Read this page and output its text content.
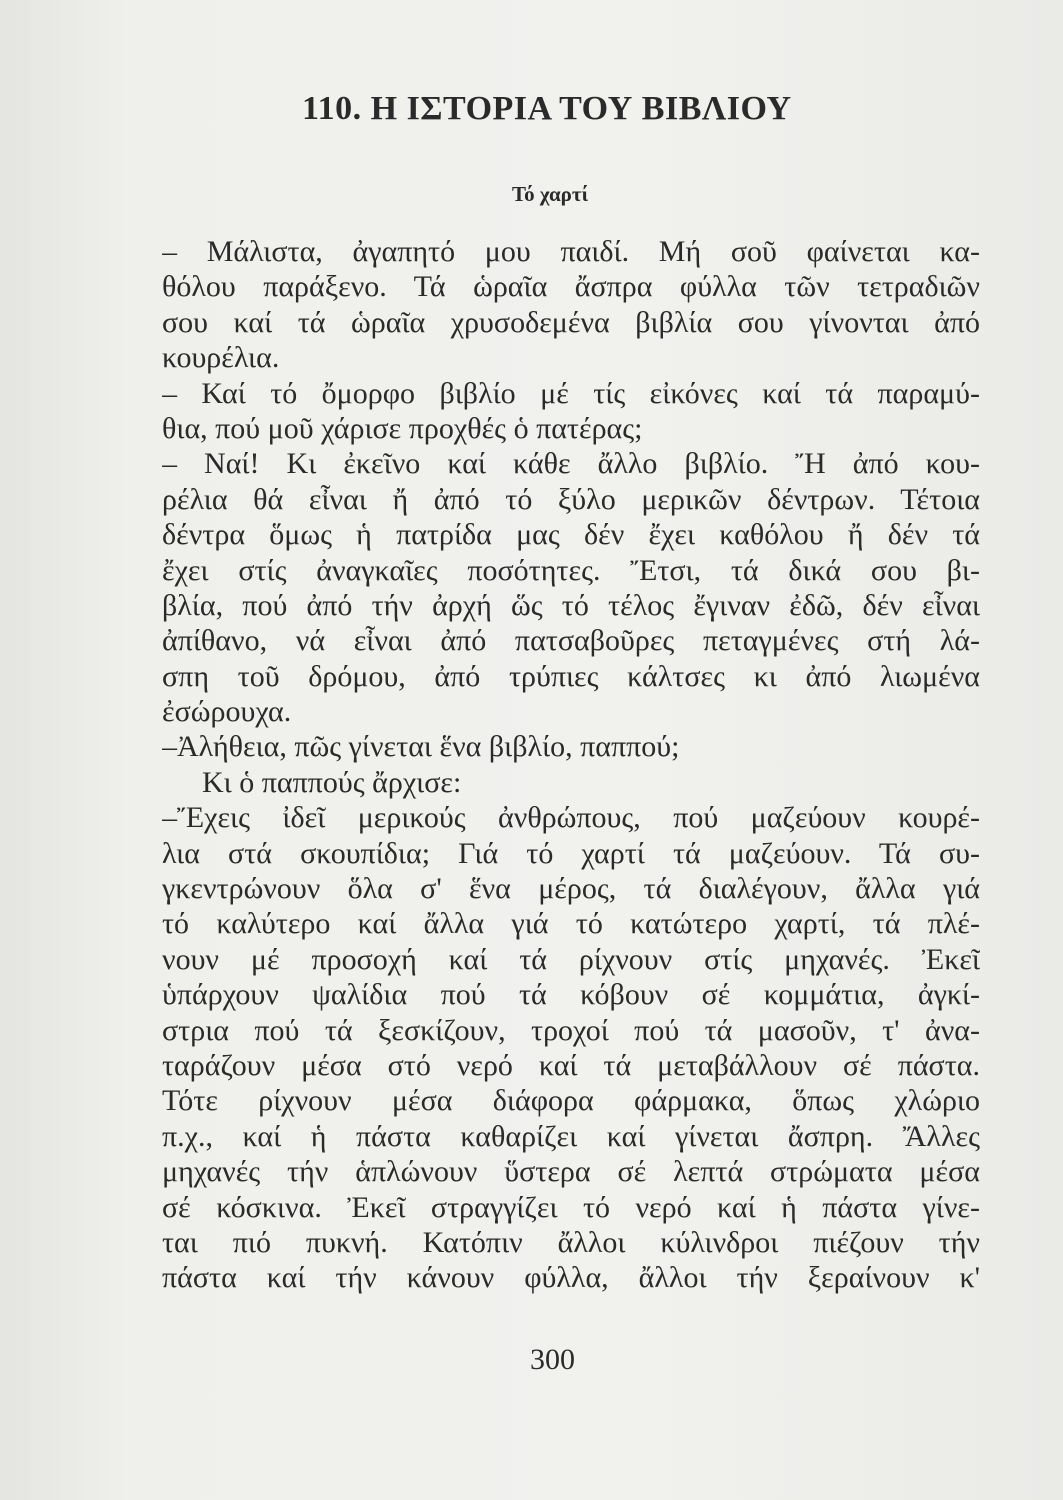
110. Η ΙΣΤΟΡΙΑ ΤΟΥ ΒΙΒΛΙΟΥ
Τό χαρτί
– Μάλιστα, ἀγαπητό μου παιδί. Μή σοῦ φαίνεται κα-
θόλου παράξενο. Τά ὡραῖα ἄσπρα φύλλα τῶν τετραδιῶν
σου καί τά ὡραῖα χρυσοδεμένα βιβλία σου γίνονται ἀπό
κουρέλια.
– Καί τό ὄμορφο βιβλίο μέ τίς εἰκόνες καί τά παραμύ-
θια, πού μοῦ χάρισε προχθές ὁ πατέρας;
– Ναί! Κι ἐκεῖνο καί κάθε ἄλλο βιβλίο. Ἤ ἀπό κου-
ρέλια θά εἶναι ἤ ἀπό τό ξύλο μερικῶν δέντρων. Τέτοια
δέντρα ὅμως ἡ πατρίδα μας δέν ἔχει καθόλου ἤ δέν τά
ἔχει στίς ἀναγκαῖες ποσότητες. Ἔτσι, τά δικά σου βι-
βλία, πού ἀπό τήν ἀρχή ὥς τό τέλος ἔγιναν ἐδῶ, δέν εἶναι
ἀπίθανο, νά εἶναι ἀπό πατσαβοῦρες πεταγμένες στή λά-
σπη τοῦ δρόμου, ἀπό τρύπιες κάλτσες κι ἀπό λιωμένα
ἐσώρουχα.
–Ἀλήθεια, πῶς γίνεται ἕνα βιβλίο, παππού;
Κι ὁ παππούς ἄρχισε:
–Ἔχεις ἰδεῖ μερικούς ἀνθρώπους, πού μαζεύουν κουρέ-
λια στά σκουπίδια; Γιά τό χαρτί τά μαζεύουν. Τά συ-
γκεντρώνουν ὅλα σ' ἕνα μέρος, τά διαλέγουν, ἄλλα γιά
τό καλύτερο καί ἄλλα γιά τό κατώτερο χαρτί, τά πλέ-
νουν μέ προσοχή καί τά ρίχνουν στίς μηχανές. Ἐκεῖ
ὑπάρχουν ψαλίδια πού τά κόβουν σέ κομμάτια, ἀγκί-
στρια πού τά ξεσκίζουν, τροχοί πού τά μασοῦν, τ' ἀνα-
ταράζουν μέσα στό νερό καί τά μεταβάλλουν σέ πάστα.
Τότε ρίχνουν μέσα διάφορα φάρμακα, ὅπως χλώριο
π.χ., καί ἡ πάστα καθαρίζει καί γίνεται ἄσπρη. Ἄλλες
μηχανές τήν ἁπλώνουν ὕστερα σέ λεπτά στρώματα μέσα
σέ κόσκινα. Ἐκεῖ στραγγίζει τό νερό καί ἡ πάστα γίνε-
ται πιό πυκνή. Κατόπιν ἄλλοι κύλινδροι πιέζουν τήν
πάστα καί τήν κάνουν φύλλα, ἄλλοι τήν ξεραίνουν κ'
300
